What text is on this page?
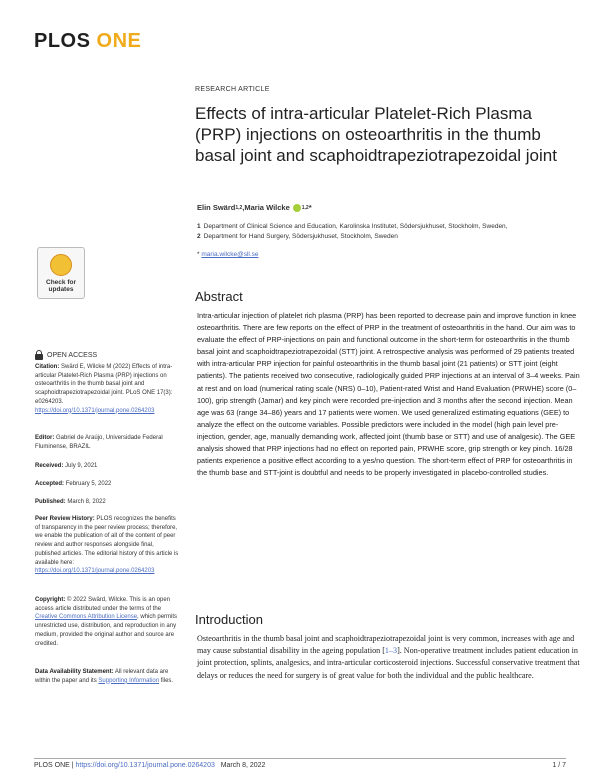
PLOS ONE
RESEARCH ARTICLE
Effects of intra-articular Platelet-Rich Plasma (PRP) injections on osteoarthritis in the thumb basal joint and scaphoidtrapeziotrapezoidal joint
Elin Swärd 1,2 , Maria Wilcke 1,2 *
1 Department of Clinical Science and Education, Karolinska Institutet, Södersjukhuset, Stockholm, Sweden,
2 Department for Hand Surgery, Södersjukhuset, Stockholm, Sweden
* maria.wilcke@sll.se
Check for
updates
OPEN ACCESS
Citation: Swärd E, Wilcke M (2022) Effects of intra-articular Platelet-Rich Plasma (PRP) injections on osteoarthritis in the thumb basal joint and scaphoidtrapeziotrapezoidal joint. PLoS ONE 17(3): e0264203. https://doi.org/10.1371/journal.pone.0264203
Editor: Gabriel de Araújo, Universidade Federal Fluminense, BRAZIL
Received: July 9, 2021
Accepted: February 5, 2022
Published: March 8, 2022
Peer Review History: PLOS recognizes the benefits of transparency in the peer review process; therefore, we enable the publication of all of the content of peer review and author responses alongside final, published articles. The editorial history of this article is available here: https://doi.org/10.1371/journal.pone.0264203
Copyright: © 2022 Swärd, Wilcke. This is an open access article distributed under the terms of the Creative Commons Attribution License, which permits unrestricted use, distribution, and reproduction in any medium, provided the original author and source are credited.
Data Availability Statement: All relevant data are within the paper and its Supporting Information files.
Abstract
Intra-articular injection of platelet rich plasma (PRP) has been reported to decrease pain and improve function in knee osteoarthritis. There are few reports on the effect of PRP in the treatment of osteoarthritis in the hand. Our aim was to evaluate the effect of PRP-injections on pain and functional outcome in the short-term for osteoarthritis in the thumb basal joint and scaphoidtrapeziotrapezoidal (STT) joint. A retrospective analysis was performed of 29 patients treated with intra-articular PRP injection for painful osteoarthritis in the thumb basal joint (21 patients) or STT joint (eight patients). The patients received two consecutive, radiologically guided PRP injections at an interval of 3–4 weeks. Pain at rest and on load (numerical rating scale (NRS) 0–10), Patient-rated Wrist and Hand Evaluation (PRWHE) score (0–100), grip strength (Jamar) and key pinch were recorded pre-injection and 3 months after the second injection. Mean age was 63 (range 34–86) years and 17 patients were women. We used generalized estimating equations (GEE) to analyze the effect on the outcome variables. Possible predictors were included in the model (high pain level pre-injection, gender, age, manually demanding work, affected joint (thumb base or STT) and use of analgesic). The GEE analysis showed that PRP injections had no effect on reported pain, PRWHE score, grip strength or key pinch. 16/28 patients experience a positive effect according to a yes/no question. The short-term effect of PRP for osteoarthritis in the thumb base and STT-joint is doubtful and needs to be properly investigated in placebo-controlled studies.
Introduction
Osteoarthritis in the thumb basal joint and scaphoidtrapeziotrapezoidal joint is very common, increases with age and may cause substantial disability in the ageing population [1–3]. Non-operative treatment includes patient education in joint protection, splints, analgesics, and intra-articular corticosteroid injections. Successful conservative treatment that delays or reduces the need for surgery is of great value for both the individual and the public healthcare.
PLOS ONE | https://doi.org/10.1371/journal.pone.0264203 March 8, 2022	1 / 7
